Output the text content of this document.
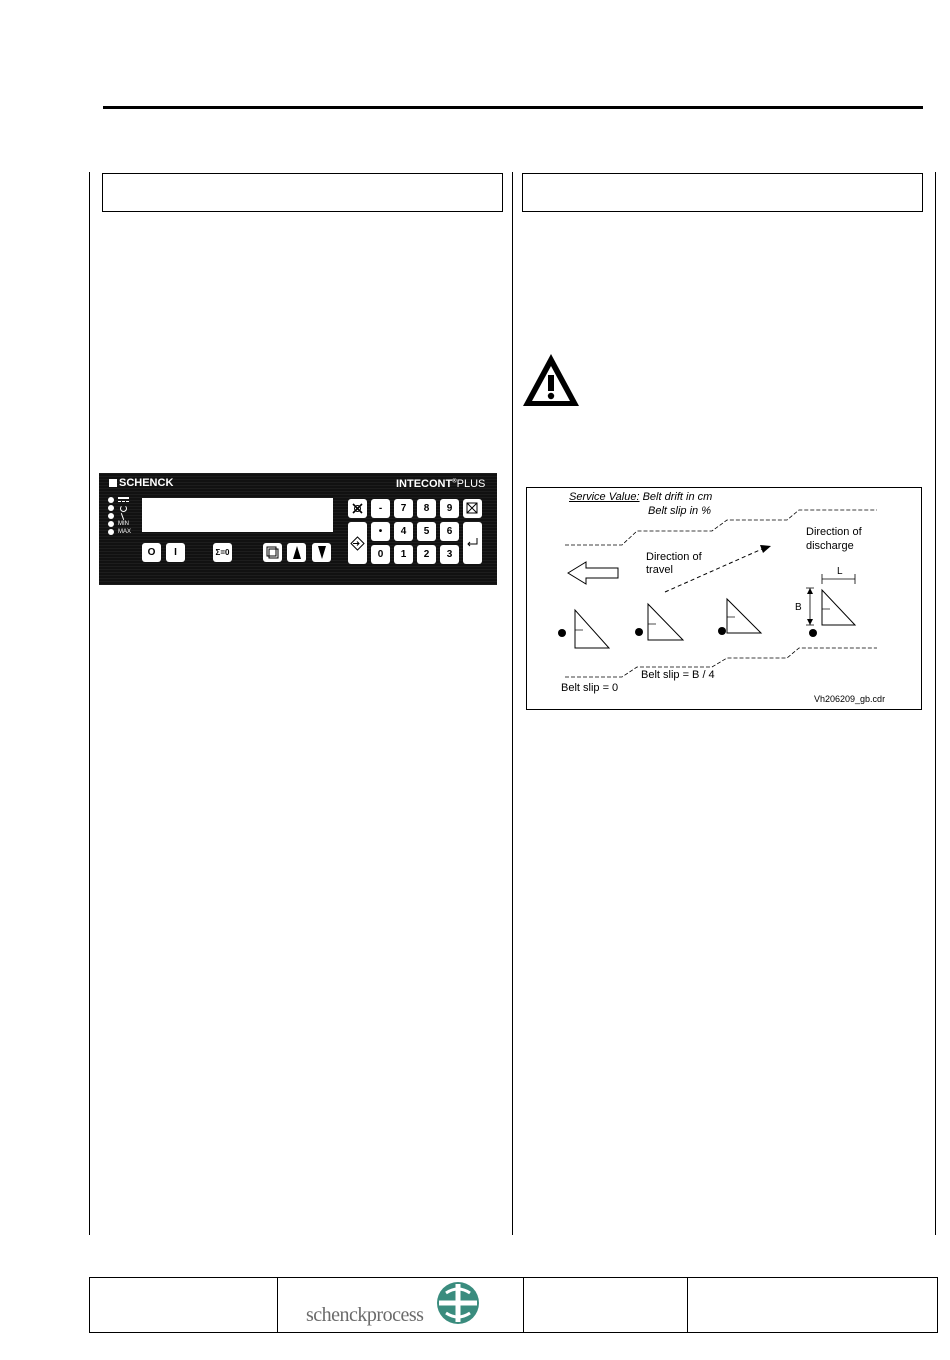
SCHENCK	INTECONT®PLUS
MIN
MAX
O	I	Σ=0
-	7	8	9
•	4	5	6
0	1	2	3
Service Value: Belt drift in cm
Belt slip in %
Direction of
travel
Direction of
discharge
L
B
Belt slip = B / 4
Belt slip = 0
Vh206209_gb.cdr
schenckprocess
